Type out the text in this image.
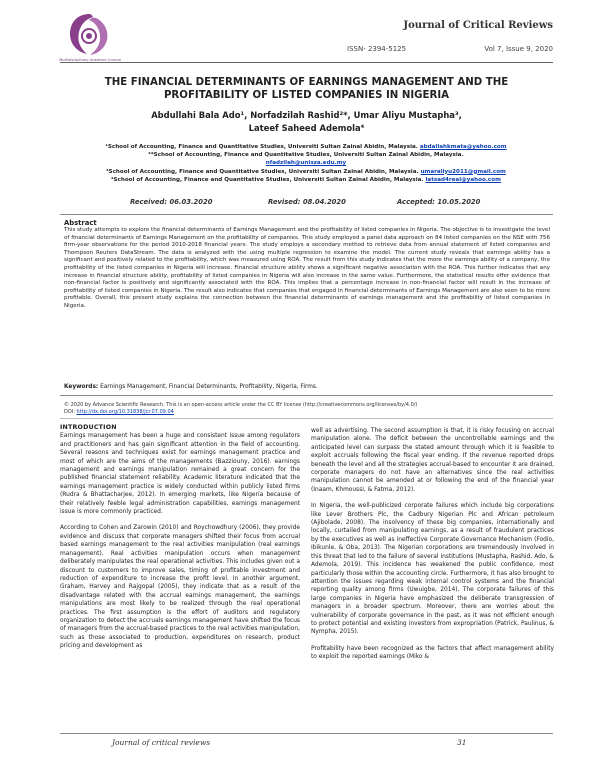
Multidisciplinary Academic Journal
Journal of Critical Reviews
ISSN- 2394-5125	Vol 7, Issue 9, 2020
THE FINANCIAL DETERMINANTS OF EARNINGS MANAGEMENT AND THE
PROFITABILITY OF LISTED COMPANIES IN NIGERIA
Abdullahi Bala Ado¹, Norfadzilah Rashid²*, Umar Aliyu Mustapha³,
Lateef Saheed Ademola⁴
¹School of Accounting, Finance and Quantitative Studies, Universiti Sultan Zainal Abidin, Malaysia. abdallahkmata@yahoo.com
²*School of Accounting, Finance and Quantitative Studies, Universiti Sultan Zainal Abidin, Malaysia.
nfadzilah@unisza.edu.my
³School of Accounting, Finance and Quantitative Studies, Universiti Sultan Zainal Abidin, Malaysia. umaraliyu2011@gmail.com
⁴School of Accounting, Finance and Quantitative Studies, Universiti Sultan Zainal Abidin, Malaysia. latsad4real@yahoo.com
Received: 06.03.2020	Revised: 08.04.2020	Accepted: 10.05.2020
Abstract
This study attempts to explore the financial determinants of Earnings Management and the profitability of listed companies in Nigeria. The objective is to investigate the level of financial determinants of Earnings Management on the profitability of companies. This study employed a panel data approach on 84 listed companies on the NSE with 756 firm-year observations for the period 2010-2018 financial years. The study employs a secondary method to retrieve data from annual statement of listed companies and Thompson Reuters DataStream. The data is analyzed with the using multiple regression to examine the model. The current study reveals that earnings ability has a significant and positively related to the profitability, which was measured using ROA. The result from this study indicates that the more the earnings ability of a company, the profitability of the listed companies in Nigeria will increase. Financial structure ability shows a significant negative association with the ROA. This further indicates that any increase in financial structure ability, profitability of listed companies in Nigeria will also increase in the same value. Furthermore, the statistical results offer evidence that non-financial factor is positively and significantly associated with the ROA. This implies that a percentage increase in non-financial factor will result in the increase of profitability of listed companies in Nigeria. The result also indicates that companies that engaged in financial determinants of Earnings Management are also seen to be more profitable. Overall, this present study explains the connection between the financial determinants of earnings management and the profitability of listed companies in Nigeria.
Keywords: Earnings Management, Financial Determinants, Profitability, Nigeria, Firms.
© 2020 by Advance Scientific Research. This is an open-access article under the CC BY license (http://creativecommons.org/licenses/by/4.0/)
DOI: http://dx.doi.org/10.31838/jcr.07.09.04
INTRODUCTION

Earnings management has been a huge and consistent issue among regulators and practitioners and has gain significant attention in the field of accounting. Several reasons and techniques exist for earnings management practice and most of which are the aims of the managements (Bazziouny, 2016). earnings management and earnings manipulation remained a great concern for the published financial statement reliability. Academic literature indicated that the earnings management practice is widely conducted within publicly listed firms (Rudra & Bhattacharjee, 2012). In emerging markets, like Nigeria because of their relatively feeble legal administration capabilities, earnings management issue is more commonly practiced.

According to Cohen and Zarowin (2010) and Roychowdhury (2006), they provide evidence and discuss that corporate managers shifted their focus from accrual based earnings management to the real activities manipulation (real earnings management). Real activities manipulation occurs when management deliberately manipulates the real operational activities. This includes given out a discount to customers to improve sales, timing of profitable investment and reduction of expenditure to increase the profit level. In another argument, Graham, Harvey and Rajgopal (2005), they indicate that as a result of the disadvantage related with the accrual earnings management, the earnings manipulations are most likely to be realized through the real operational practices. The first assumption is the effort of auditors and regulatory organization to detect the accruals earnings management have shifted the focus of managers from the accrual-based practices to the real activities manipulation, such as those associated to production, expenditures on research, product pricing and development as

well as advertising. The second assumption is that, it is risky focusing on accrual manipulation alone. The deficit between the uncontrollable earnings and the anticipated level can surpass the stated amount through which it is feasible to exploit accruals following the fiscal year ending. If the revenue reported drops beneath the level and all the strategies accrual-based to encounter it are drained, corporate managers do not have an alternatives since the real activities manipulation cannot be amended at or following the end of the financial year (Inaam, Khmoussi, & Fatma, 2012).

In Nigeria, the well-publicized corporate failures which include big corporations like Lever Brothers Plc, the Cadbury Nigerian Plc and African petroleum (Ajibolade, 2008). The insolvency of these big companies, internationally and locally, curtailed from manipulating earnings, as a result of fraudulent practices by the executives as well as ineffective Corporate Governance Mechanism (Fodio, Ibikunle, & Oba, 2013). The Nigerian corporations are tremendously involved in this threat that led to the failure of several institutions (Mustapha, Rashid, Ado, & Ademola, 2019). This incidence has weakened the public confidence, most particularly those within the accounting circle. Furthermore, it has also brought to attention the issues regarding weak internal control systems and the financial reporting quality among firms (Uwuigbe, 2014). The corporate failures of this large companies in Nigeria have emphasized the deliberate transgression of managers in a broader spectrum. Moreover, there are worries about the vulnerability of corporate governance in the past, as it was not efficient enough to protect potential and existing investors from expropriation (Patrick, Paulinus, & Nympha, 2015).

Profitability have been recognized as the factors that affect management ability to exploit the reported earnings (Miko &

Journal of critical reviews	31
